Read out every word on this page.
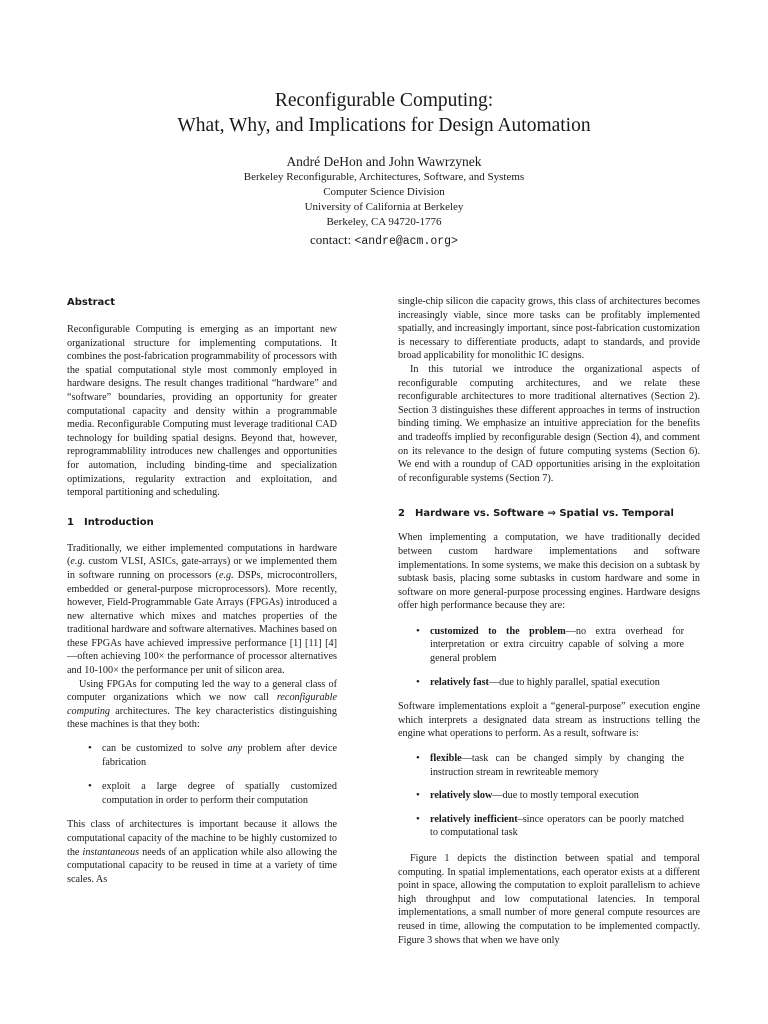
Reconfigurable Computing:
What, Why, and Implications for Design Automation
André DeHon and John Wawrzynek
Berkeley Reconfigurable, Architectures, Software, and Systems
Computer Science Division
University of California at Berkeley
Berkeley, CA 94720-1776
contact: <andre@acm.org>
Abstract

Reconfigurable Computing is emerging as an important new organizational structure for implementing computations. It combines the post-fabrication programmability of processors with the spatial computational style most commonly employed in hardware designs. The result changes traditional “hardware” and “software” boundaries, providing an opportunity for greater computational capacity and density within a programmable media. Reconfigurable Computing must leverage traditional CAD technology for building spatial designs. Beyond that, however, reprogrammablility introduces new challenges and opportunities for automation, including binding-time and specialization optimizations, regularity extraction and exploitation, and temporal partitioning and scheduling.

1 Introduction

Traditionally, we either implemented computations in hardware (e.g. custom VLSI, ASICs, gate-arrays) or we implemented them in software running on processors (e.g. DSPs, microcontrollers, embedded or general-purpose microprocessors). More recently, however, Field-Programmable Gate Arrays (FPGAs) introduced a new alternative which mixes and matches properties of the traditional hardware and software alternatives. Machines based on these FPGAs have achieved impressive performance [1] [11] [4]—often achieving 100× the performance of processor alternatives and 10-100× the performance per unit of silicon area.

Using FPGAs for computing led the way to a general class of computer organizations which we now call reconfigurable computing architectures. The key characteristics distinguishing these machines is that they both:

• can be customized to solve any problem after device fabrication
• exploit a large degree of spatially customized computation in order to perform their computation

This class of architectures is important because it allows the computational capacity of the machine to be highly customized to the instantaneous needs of an application while also allowing the computational capacity to be reused in time at a variety of time scales. As

single-chip silicon die capacity grows, this class of architectures becomes increasingly viable, since more tasks can be profitably implemented spatially, and increasingly important, since post-fabrication customization is necessary to differentiate products, adapt to standards, and provide broad applicability for monolithic IC designs.

In this tutorial we introduce the organizational aspects of reconfigurable computing architectures, and we relate these reconfigurable architectures to more traditional alternatives (Section 2). Section 3 distinguishes these different approaches in terms of instruction binding timing. We emphasize an intuitive appreciation for the benefits and tradeoffs implied by reconfigurable design (Section 4), and comment on its relevance to the design of future computing systems (Section 6). We end with a roundup of CAD opportunities arising in the exploitation of reconfigurable systems (Section 7).

2 Hardware vs. Software ⇒ Spatial vs. Temporal

When implementing a computation, we have traditionally decided between custom hardware implementations and software implementations. In some systems, we make this decision on a subtask by subtask basis, placing some subtasks in custom hardware and some in software on more general-purpose processing engines. Hardware designs offer high performance because they are:

• customized to the problem—no extra overhead for interpretation or extra circuitry capable of solving a more general problem
• relatively fast—due to highly parallel, spatial execution

Software implementations exploit a “general-purpose” execution engine which interprets a designated data stream as instructions telling the engine what operations to perform. As a result, software is:

• flexible—task can be changed simply by changing the instruction stream in rewriteable memory
• relatively slow—due to mostly temporal execution
• relatively inefficient–since operators can be poorly matched to computational task

Figure 1 depicts the distinction between spatial and temporal computing. In spatial implementations, each operator exists at a different point in space, allowing the computation to exploit parallelism to achieve high throughput and low computational latencies. In temporal implementations, a small number of more general compute resources are reused in time, allowing the computation to be implemented compactly. Figure 3 shows that when we have only
